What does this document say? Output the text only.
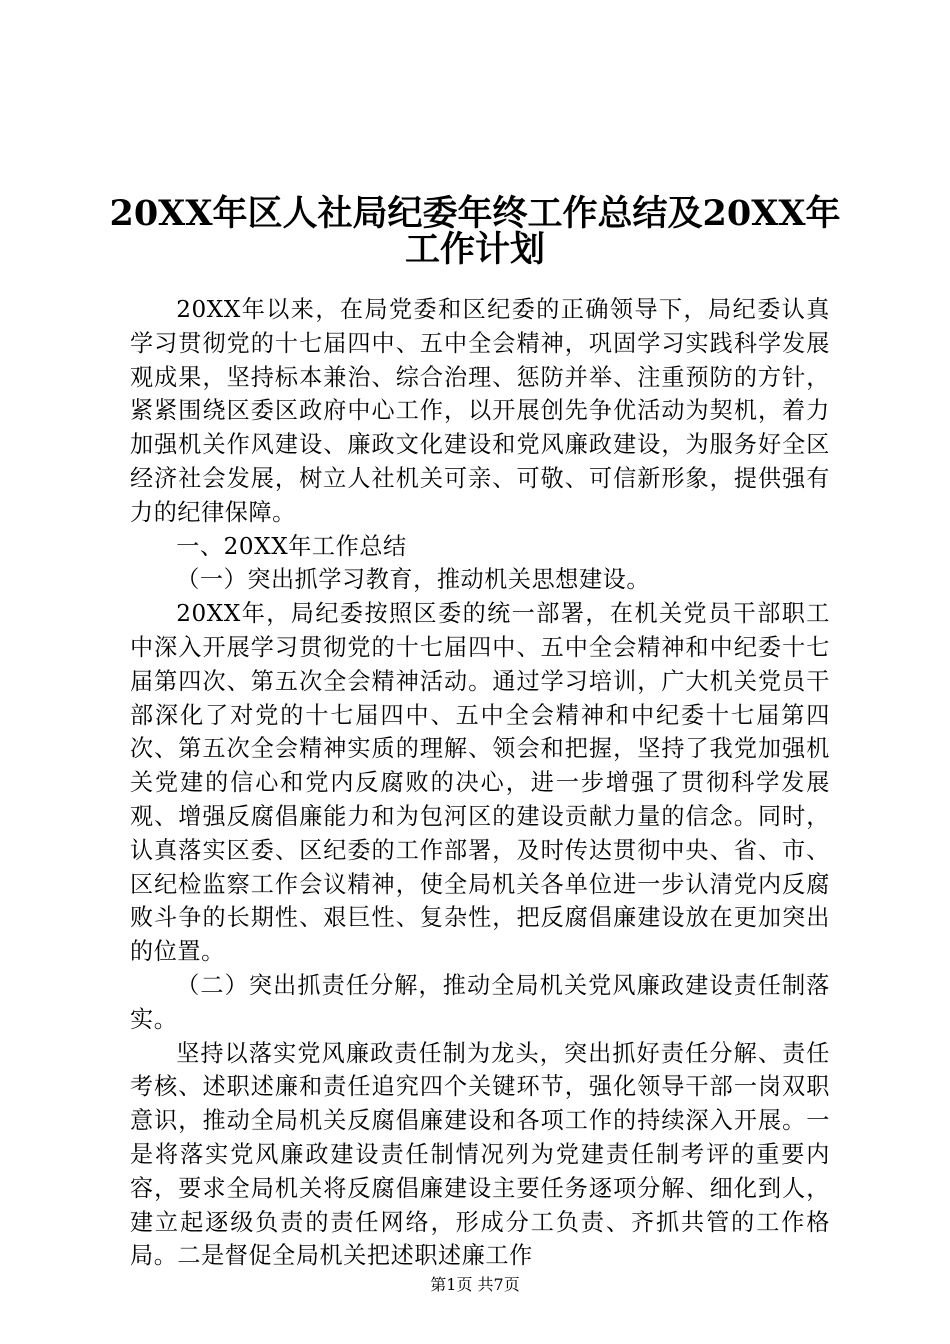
20XX年区人社局纪委年终工作总结及20XX年
工作计划

20XX年以来，在局党委和区纪委的正确领导下，局纪委认真学习贯彻党的十七届四中、五中全会精神，巩固学习实践科学发展观成果，坚持标本兼治、综合治理、惩防并举、注重预防的方针，紧紧围绕区委区政府中心工作，以开展创先争优活动为契机，着力加强机关作风建设、廉政文化建设和党风廉政建设，为服务好全区经济社会发展，树立人社机关可亲、可敬、可信新形象，提供强有力的纪律保障。

一、20XX年工作总结

（一）突出抓学习教育，推动机关思想建设。

20XX年，局纪委按照区委的统一部署，在机关党员干部职工中深入开展学习贯彻党的十七届四中、五中全会精神和中纪委十七届第四次、第五次全会精神活动。通过学习培训，广大机关党员干部深化了对党的十七届四中、五中全会精神和中纪委十七届第四次、第五次全会精神实质的理解、领会和把握，坚持了我党加强机关党建的信心和党内反腐败的决心，进一步增强了贯彻科学发展观、增强反腐倡廉能力和为包河区的建设贡献力量的信念。同时，认真落实区委、区纪委的工作部署，及时传达贯彻中央、省、市、区纪检监察工作会议精神，使全局机关各单位进一步认清党内反腐败斗争的长期性、艰巨性、复杂性，把反腐倡廉建设放在更加突出的位置。

（二）突出抓责任分解，推动全局机关党风廉政建设责任制落实。

坚持以落实党风廉政责任制为龙头，突出抓好责任分解、责任考核、述职述廉和责任追究四个关键环节，强化领导干部一岗双职意识，推动全局机关反腐倡廉建设和各项工作的持续深入开展。一是将落实党风廉政建设责任制情况列为党建责任制考评的重要内容，要求全局机关将反腐倡廉建设主要任务逐项分解、细化到人，建立起逐级负责的责任网络，形成分工负责、齐抓共管的工作格局。二是督促全局机关把述职述廉工作

第1页 共7页
